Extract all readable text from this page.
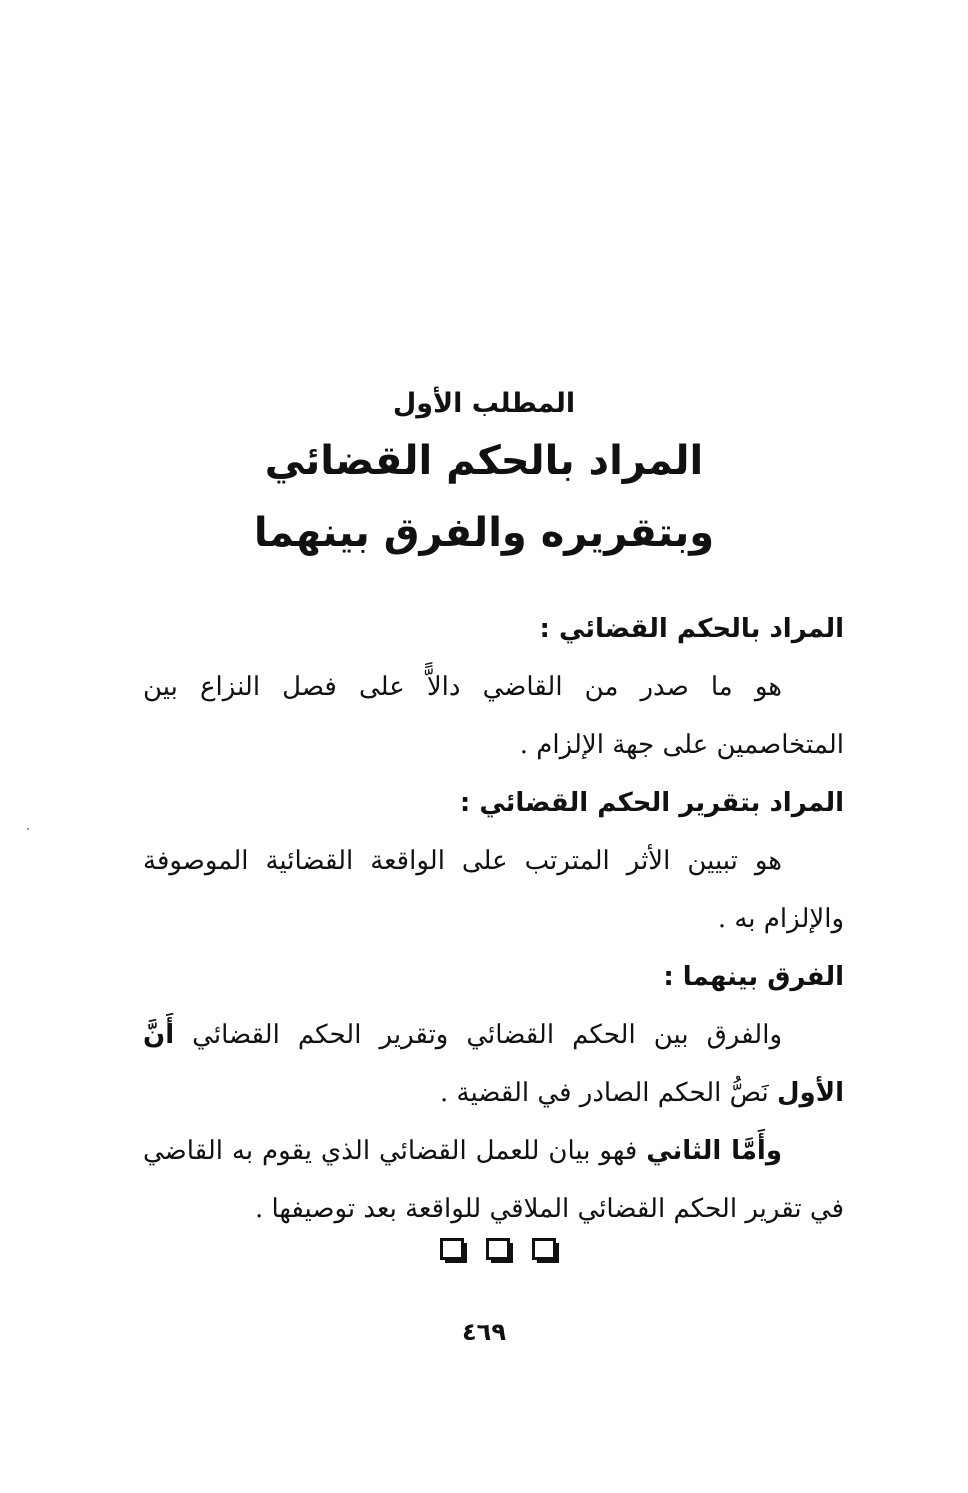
المطلب الأول
المراد بالحكم القضائي
وبتقريره والفرق بينهما
المراد بالحكم القضائي :
هو ما صدر من القاضي دالاًّ على فصل النزاع بين المتخاصمين على جهة الإلزام .
المراد بتقرير الحكم القضائي :
هو تبيين الأثر المترتب على الواقعة القضائية الموصوفة والإلزام به .
الفرق بينهما :
والفرق بين الحكم القضائي وتقرير الحكم القضائي أَنَّ الأول نَصُّ الحكم الصادر في القضية .
وأَمَّا الثاني فهو بيان للعمل القضائي الذي يقوم به القاضي في تقرير الحكم القضائي الملاقي للواقعة بعد توصيفها .
٤٦٩
